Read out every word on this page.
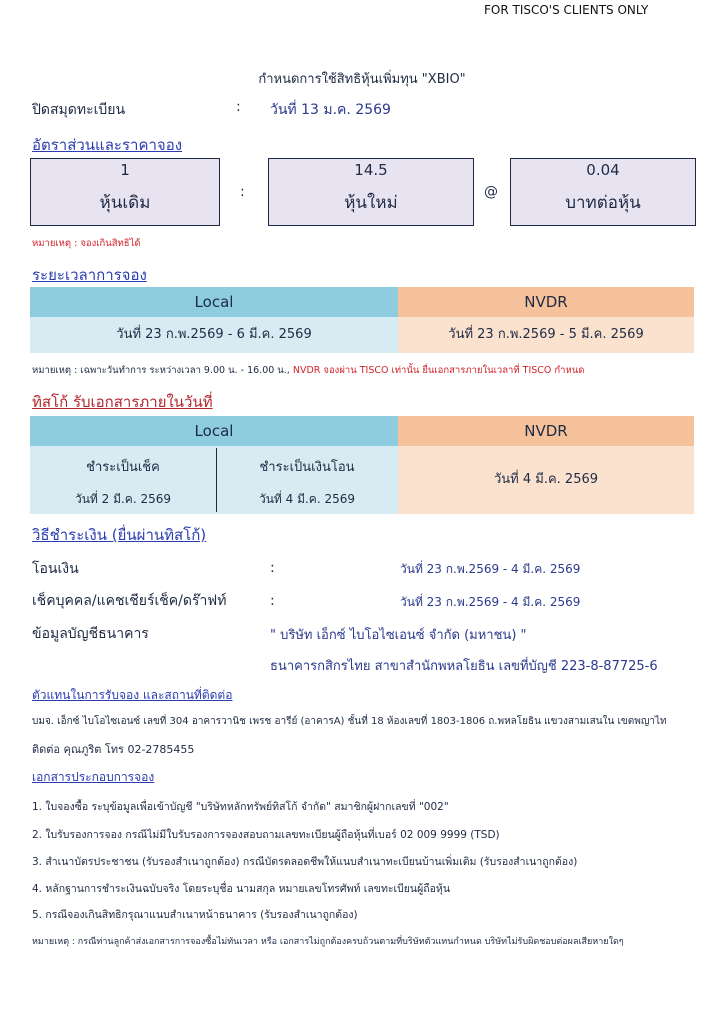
FOR TISCO'S CLIENTS ONLY
กำหนดการใช้สิทธิหุ้นเพิ่มทุน "XBIO"
ปิดสมุดทะเบียน	: วันที่ 13 ม.ค. 2569
อัตราส่วนและราคาจอง
1
หุ้นเดิม
:
14.5
หุ้นใหม่
@
0.04
บาทต่อหุ้น
หมายเหตุ : จองเกินสิทธิได้
ระยะเวลาการจอง
Local	NVDR
วันที่ 23 ก.พ.2569 - 6 มี.ค. 2569	วันที่ 23 ก.พ.2569 - 5 มี.ค. 2569
หมายเหตุ : เฉพาะวันทำการ ระหว่างเวลา 9.00 น. - 16.00 น., NVDR จองผ่าน TISCO เท่านั้น ยื่นเอกสารภายในเวลาที่ TISCO กำหนด
ทิสโก้ รับเอกสารภายในวันที่
Local	NVDR
ชำระเป็นเช็ค
วันที่ 2 มี.ค. 2569
ชำระเป็นเงินโอน
วันที่ 4 มี.ค. 2569
วันที่ 4 มี.ค. 2569
วิธีชำระเงิน (ยื่นผ่านทิสโก้)
โอนเงิน	:	วันที่ 23 ก.พ.2569 - 4 มี.ค. 2569
เช็คบุคคล/แคชเชียร์เช็ค/ดร๊าฟท์	:	วันที่ 23 ก.พ.2569 - 4 มี.ค. 2569
ข้อมูลบัญชีธนาคาร	" บริษัท เอ็กซ์ ไบโอไซเอนซ์ จำกัด (มหาชน) "
ธนาคารกสิกรไทย สาขาสำนักพหลโยธิน เลขที่บัญชี 223-8-87725-6
ตัวแทนในการรับจอง และสถานที่ติดต่อ
บมจ. เอ็กซ์ ไบโอไซเอนซ์ เลขที่ 304 อาคารวานิช เพรช อารีย์ (อาคารA) ชั้นที่ 18 ห้องเลขที่ 1803-1806 ถ.พหลโยธิน แขวงสามเสนใน เขตพญาไท
ติดต่อ คุณภูริต โทร 02-2785455
เอกสารประกอบการจอง
1. ใบจองซื้อ ระบุข้อมูลเพื่อเข้าบัญชี "บริษัทหลักทรัพย์ทิสโก้ จำกัด" สมาชิกผู้ฝากเลขที่ "002"
2. ใบรับรองการจอง กรณีไม่มีใบรับรองการจองสอบถามเลขทะเบียนผู้ถือหุ้นที่เบอร์ 02 009 9999 (TSD)
3. สำเนาบัตรประชาชน (รับรองสำเนาถูกต้อง) กรณีบัตรตลอดชีพให้แนบสำเนาทะเบียนบ้านเพิ่มเติม (รับรองสำเนาถูกต้อง)
4. หลักฐานการชำระเงินฉบับจริง โดยระบุชื่อ นามสกุล หมายเลขโทรศัพท์ เลขทะเบียนผู้ถือหุ้น
5. กรณีจองเกินสิทธิกรุณาแนบสำเนาหน้าธนาคาร (รับรองสำเนาถูกต้อง)
หมายเหตุ : กรณีท่านลูกค้าส่งเอกสารการจองซื้อไม่ทันเวลา หรือ เอกสารไม่ถูกต้องครบถ้วนตามที่บริษัทตัวแทนกำหนด บริษัทไม่รับผิดชอบต่อผลเสียหายใดๆ
